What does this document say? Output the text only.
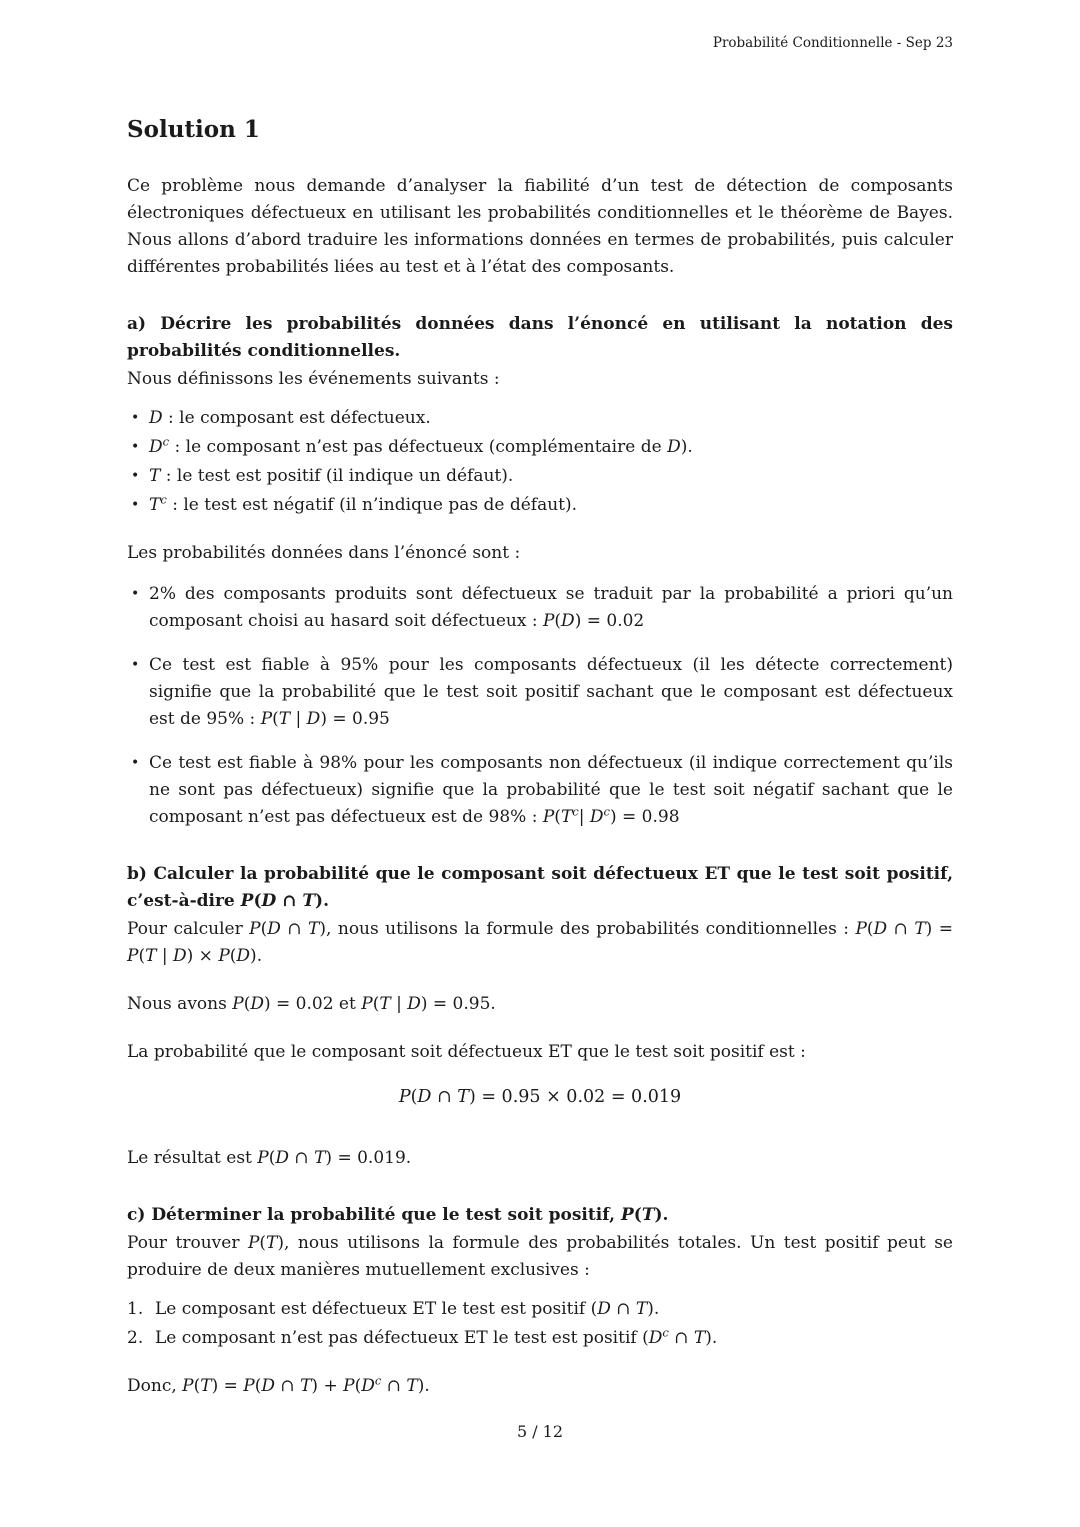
Probabilité Conditionnelle - Sep 23
Solution 1

Ce problème nous demande d’analyser la fiabilité d’un test de détection de composants électroniques défectueux en utilisant les probabilités conditionnelles et le théorème de Bayes. Nous allons d’abord traduire les informations données en termes de probabilités, puis calculer différentes probabilités liées au test et à l’état des composants.

a) Décrire les probabilités données dans l’énoncé en utilisant la notation des probabilités conditionnelles.

Nous définissons les événements suivants :

• D : le composant est défectueux.
• $D^c$ : le composant n’est pas défectueux (complémentaire de D).
• T : le test est positif (il indique un défaut).
• $T^c$ : le test est négatif (il n’indique pas de défaut).

Les probabilités données dans l’énoncé sont :

• 2% des composants produits sont défectueux se traduit par la probabilité a priori qu’un composant choisi au hasard soit défectueux : P(D) = 0.02
• Ce test est fiable à 95% pour les composants défectueux (il les détecte correctement) signifie que la probabilité que le test soit positif sachant que le composant est défectueux est de 95% : P(T | D) = 0.95
• Ce test est fiable à 98% pour les composants non défectueux (il indique correctement qu’ils ne sont pas défectueux) signifie que la probabilité que le test soit négatif sachant que le composant n’est pas défectueux est de 98% : $P(T^c|$ $D^c) = 0.98$

b) Calculer la probabilité que le composant soit défectueux ET que le test soit positif, c’est-à-dire P(D ∩ T).

Pour calculer P(D ∩ T), nous utilisons la formule des probabilités conditionnelles : P(D ∩ T) = P(T | D) × P(D).

Nous avons P(D) = 0.02 et P(T | D) = 0.95.

La probabilité que le composant soit défectueux ET que le test soit positif est :

P(D ∩ T) = 0.95 × 0.02 = 0.019

Le résultat est P(D ∩ T) = 0.019.

c) Déterminer la probabilité que le test soit positif, P(T).

Pour trouver P(T), nous utilisons la formule des probabilités totales. Un test positif peut se produire de deux manières mutuellement exclusives :

1. Le composant est défectueux ET le test est positif (D ∩ T).
2. Le composant n’est pas défectueux ET le test est positif ($D^c$ ∩ T).

Donc, P(T) = P(D ∩ $T) + P(D^c$ ∩ T).

5 / 12
